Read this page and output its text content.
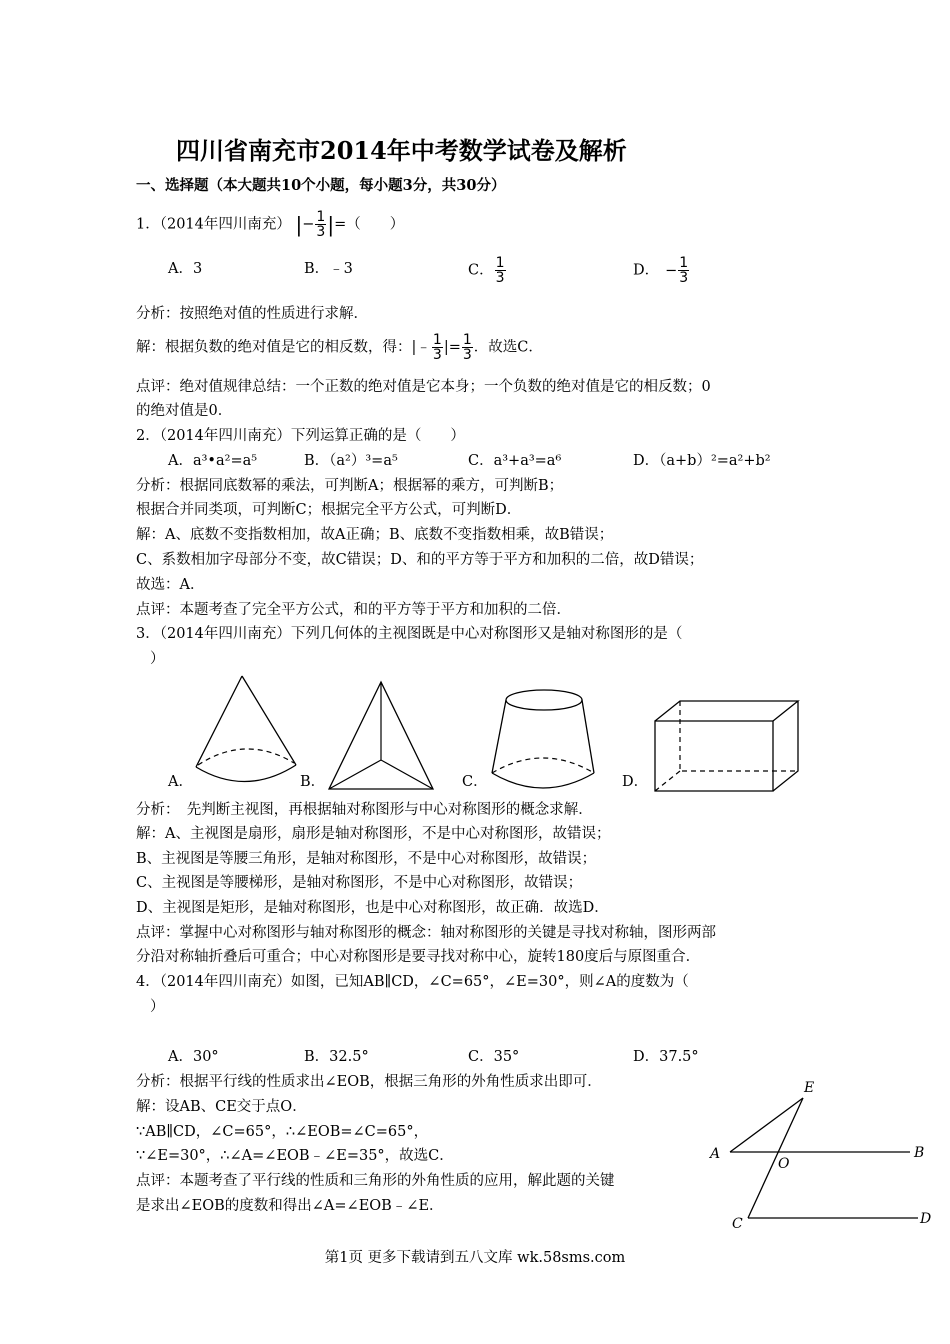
四川省南充市2014年中考数学试卷及解析
一、选择题（本大题共10个小题，每小题3分，共30分）
1．（2014年四川南充） |− $\frac{1}{3}$ |=（　　）
A．3	B．﹣3	C． $\frac{1}{3}$	D． − $\frac{1}{3}$
分析：按照绝对值的性质进行求解．
解：根据负数的绝对值是它的相反数，得：|﹣ $\frac{1}{3}$ |= $\frac{1}{3}$ ．故选C．
点评：绝对值规律总结：一个正数的绝对值是它本身；一个负数的绝对值是它的相反数；0
的绝对值是0．
2．（2014年四川南充）下列运算正确的是（　　）
A．a³•a²=a⁵	B．（a²）³=a⁵	C．a³+a³=a⁶	D．（a+b）²=a²+b²
分析：根据同底数幂的乘法，可判断A；根据幂的乘方，可判断B；
根据合并同类项，可判断C；根据完全平方公式，可判断D．
解：A、底数不变指数相加，故A正确；B、底数不变指数相乘，故B错误；
C、系数相加字母部分不变，故C错误；D、和的平方等于平方和加积的二倍，故D错误；
故选：A．
点评：本题考查了完全平方公式，和的平方等于平方和加积的二倍．
3．（2014年四川南充）下列几何体的主视图既是中心对称图形又是轴对称图形的是（
）
A．	B．	C．	D．
分析：　先判断主视图，再根据轴对称图形与中心对称图形的概念求解．
解：A、主视图是扇形，扇形是轴对称图形，不是中心对称图形，故错误；
B、主视图是等腰三角形，是轴对称图形，不是中心对称图形，故错误；
C、主视图是等腰梯形，是轴对称图形，不是中心对称图形，故错误；
D、主视图是矩形，是轴对称图形，也是中心对称图形，故正确．故选D．
点评：掌握中心对称图形与轴对称图形的概念：轴对称图形的关键是寻找对称轴，图形两部
分沿对称轴折叠后可重合；中心对称图形是要寻找对称中心，旋转180度后与原图重合．
4．（2014年四川南充）如图，已知AB∥CD，∠C=65°，∠E=30°，则∠A的度数为（
）
A．30°	B．32.5°	C．35°	D．37.5°
分析：根据平行线的性质求出∠EOB，根据三角形的外角性质求出即可．
解：设AB、CE交于点O．
∵AB∥CD，∠C=65°，∴∠EOB=∠C=65°，
∵∠E=30°，∴∠A=∠EOB﹣∠E=35°，故选C．
点评：本题考查了平行线的性质和三角形的外角性质的应用，解此题的关键
是求出∠EOB的度数和得出∠A=∠EOB﹣∠E．
E
A
O
B
C	D
第1页 更多下载请到五八文库 wk.58sms.com
